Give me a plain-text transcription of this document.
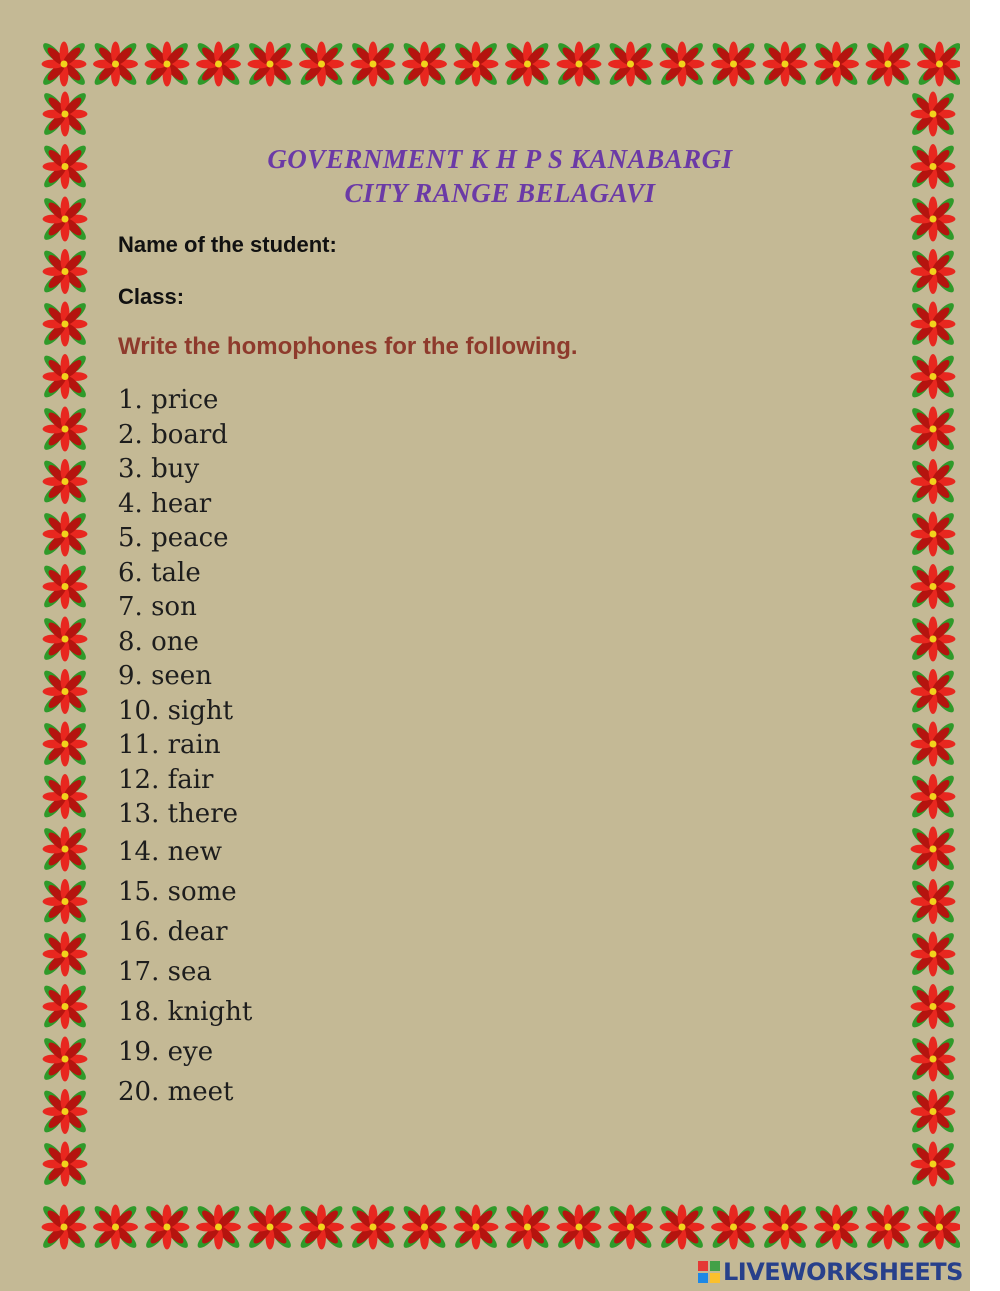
GOVERNMENT K H P S KANABARGI
CITY RANGE BELAGAVI
Name of the student:
Class:
Write the homophones for the following.
1. price
2. board
3. buy
4. hear
5. peace
6. tale
7. son
8. one
9. seen
10. sight
11. rain
12. fair
13. there
14. new
15. some
16. dear
17. sea
18. knight
19. eye
20. meet
LIVEWORKSHEETS
